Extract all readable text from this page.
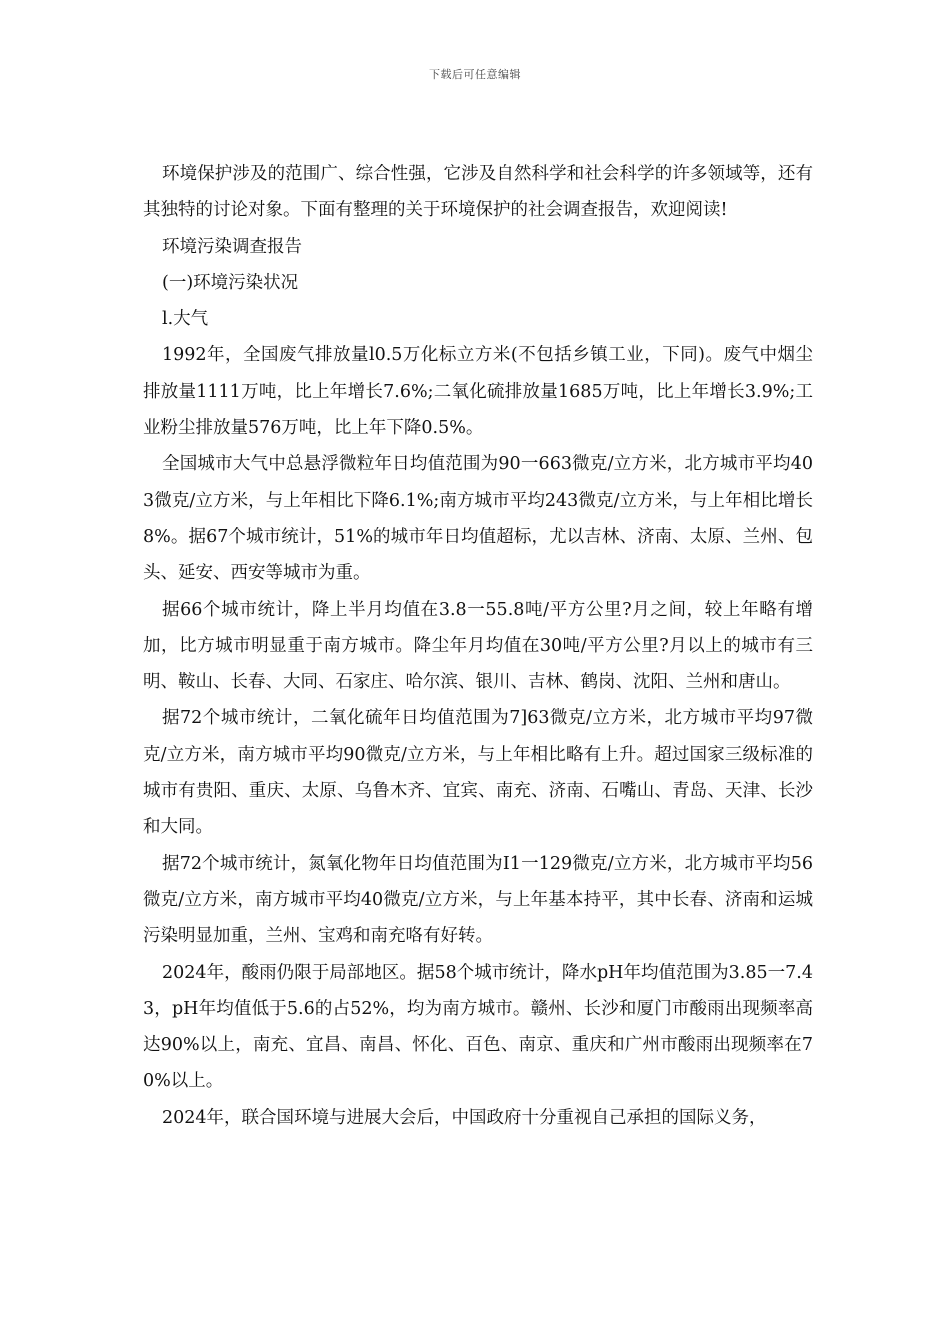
下载后可任意编辑

环境保护涉及的范围广、综合性强，它涉及自然科学和社会科学的许多领域等，还有其独特的讨论对象。下面有整理的关于环境保护的社会调查报告，欢迎阅读!

环境污染调查报告

(一)环境污染状况

l.大气

1992年，全国废气排放量l0.5万化标立方米(不包括乡镇工业，下同)。废气中烟尘排放量1111万吨，比上年增长7.6%;二氧化硫排放量1685万吨，比上年增长3.9%;工业粉尘排放量576万吨，比上年下降0.5%。

全国城市大气中总悬浮微粒年日均值范围为90一663微克/立方米，北方城市平均403微克/立方米，与上年相比下降6.1%;南方城市平均243微克/立方米，与上年相比增长8%。据67个城市统计，51%的城市年日均值超标，尤以吉林、济南、太原、兰州、包头、延安、西安等城市为重。

据66个城市统计，降上半月均值在3.8一55.8吨/平方公里?月之间，较上年略有增加，比方城市明显重于南方城市。降尘年月均值在30吨/平方公里?月以上的城市有三明、鞍山、长春、大同、石家庄、哈尔滨、银川、吉林、鹤岗、沈阳、兰州和唐山。

据72个城市统计，二氧化硫年日均值范围为7]63微克/立方米，北方城市平均97微克/立方米，南方城市平均90微克/立方米，与上年相比略有上升。超过国家三级标准的城市有贵阳、重庆、太原、乌鲁木齐、宜宾、南充、济南、石嘴山、青岛、天津、长沙和大同。

据72个城市统计，氮氧化物年日均值范围为I1一129微克/立方米，北方城市平均56微克/立方米，南方城市平均40微克/立方米，与上年基本持平，其中长春、济南和运城污染明显加重，兰州、宝鸡和南充咯有好转。

2024年，酸雨仍限于局部地区。据58个城市统计，降水pH年均值范围为3.85一7.43，pH年均值低于5.6的占52%，均为南方城市。赣州、长沙和厦门市酸雨出现频率高达90%以上，南充、宜昌、南昌、怀化、百色、南京、重庆和广州市酸雨出现频率在70%以上。

2024年，联合国环境与进展大会后，中国政府十分重视自己承担的国际义务，
